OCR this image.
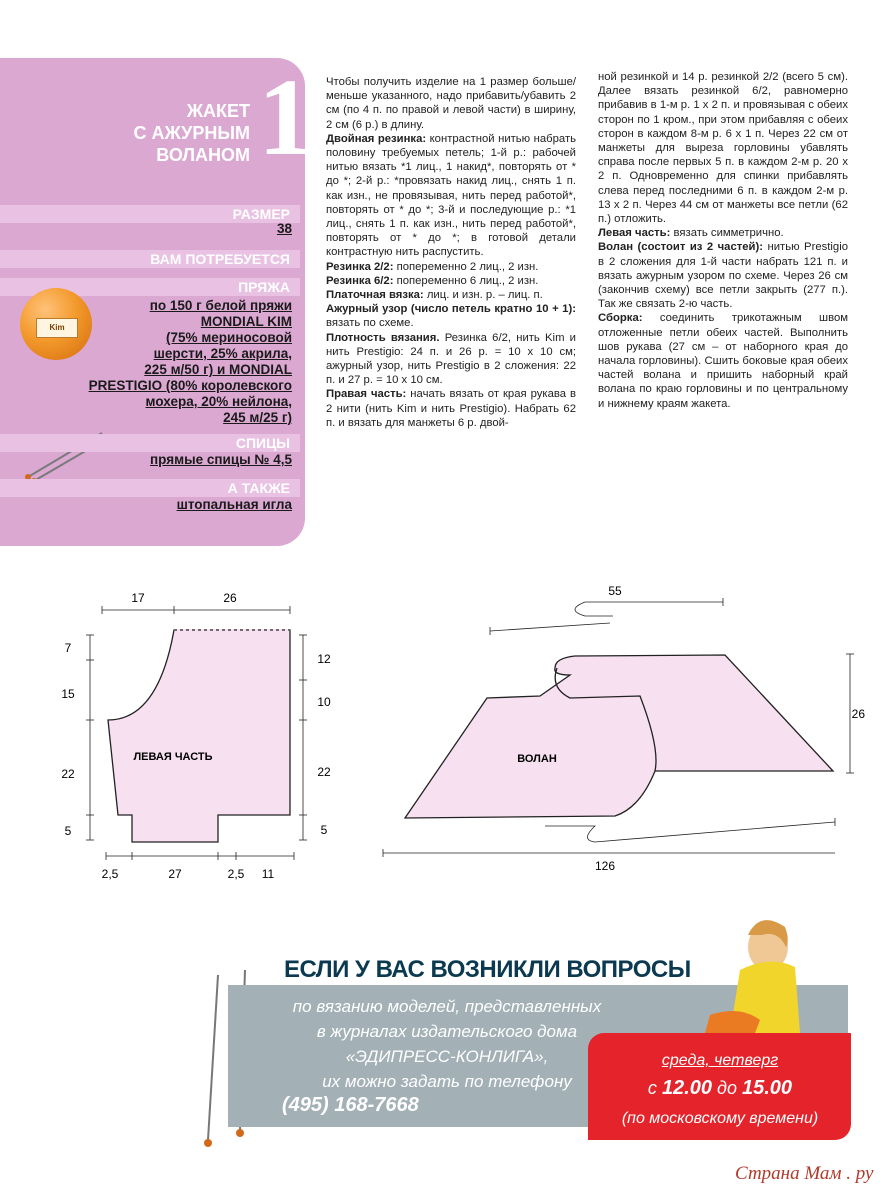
1
ЖАКЕТ
С АЖУРНЫМ
ВОЛАНОМ
РАЗМЕР
38
ВАМ ПОТРЕБУЕТСЯ
ПРЯЖА
Kim
по 150 г белой пряжи
MONDIAL KIM
(75% мериносовой
шерсти, 25% акрила,
225 м/50 г) и MONDIAL
PRESTIGIO (80% королевского
мохера, 20% нейлона,
245 м/25 г)
СПИЦЫ
прямые спицы № 4,5
А ТАКЖЕ
штопальная игла
Чтобы получить изделие на 1 размер больше/меньше указанного, надо прибавить/убавить 2 см (по 4 п. по правой и левой части) в ширину, 2 см (6 р.) в длину.
Двойная резинка: контрастной нитью набрать половину требуемых петель; 1-й р.: рабочей нитью вязать *1 лиц., 1 накид*, повторять от * до *; 2-й р.: *провязать накид лиц., снять 1 п. как изн., не провязывая, нить перед работой*, повторять от * до *; 3-й и последующие р.: *1 лиц., снять 1 п. как изн., нить перед работой*, повторять от * до *; в готовой детали контрастную нить распустить.
Резинка 2/2: попеременно 2 лиц., 2 изн.
Резинка 6/2: попеременно 6 лиц., 2 изн.
Платочная вязка: лиц. и изн. р. – лиц. п.
Ажурный узор (число петель кратно 10 + 1): вязать по схеме.
Плотность вязания. Резинка 6/2, нить Kim и нить Prestigio: 24 п. и 26 р. = 10 х 10 см; ажурный узор, нить Prestigio в 2 сложения: 22 п. и 27 р. = 10 х 10 см.
Правая часть: начать вязать от края рукава в 2 нити (нить Kim и нить Prestigio). Набрать 62 п. и вязать для манжеты 6 р. двой-
ной резинкой и 14 р. резинкой 2/2 (всего 5 см). Далее вязать резинкой 6/2, равномерно прибавив в 1-м р. 1 х 2 п. и провязывая с обеих сторон по 1 кром., при этом прибавляя с обеих сторон в каждом 8-м р. 6 х 1 п. Через 22 см от манжеты для выреза горловины убавлять справа после первых 5 п. в каждом 2-м р. 20 х 2 п. Одновременно для спинки прибавлять слева перед последними 6 п. в каждом 2-м р. 13 х 2 п. Через 44 см от манжеты все петли (62 п.) отложить.
Левая часть: вязать симметрично.
Волан (состоит из 2 частей): нитью Prestigio в 2 сложения для 1-й части набрать 121 п. и вязать ажурным узором по схеме. Через 26 см (закончив схему) все петли закрыть (277 п.). Так же связать 2-ю часть.
Сборка: соединить трикотажным швом отложенные петли обеих частей. Выполнить шов рукава (27 см – от наборного края до начала горловины). Сшить боковые края обеих частей волана и пришить наборный край волана по краю горловины и по центральному и нижнему краям жакета.
17	26
7
15
22
5
12
10
22
5
2,5	27	2,5 11
ЛЕВАЯ ЧАСТЬ
55
26
126
ВОЛАН
ЕСЛИ У ВАС ВОЗНИКЛИ ВОПРОСЫ
по вязанию моделей, представленных
в журналах издательского дома
«ЭДИПРЕСС-КОНЛИГА»,
их можно задать по телефону
(495) 168-7668
среда, четверг
с 12.00 до 15.00
(по московскому времени)
Страна Мам . ру
